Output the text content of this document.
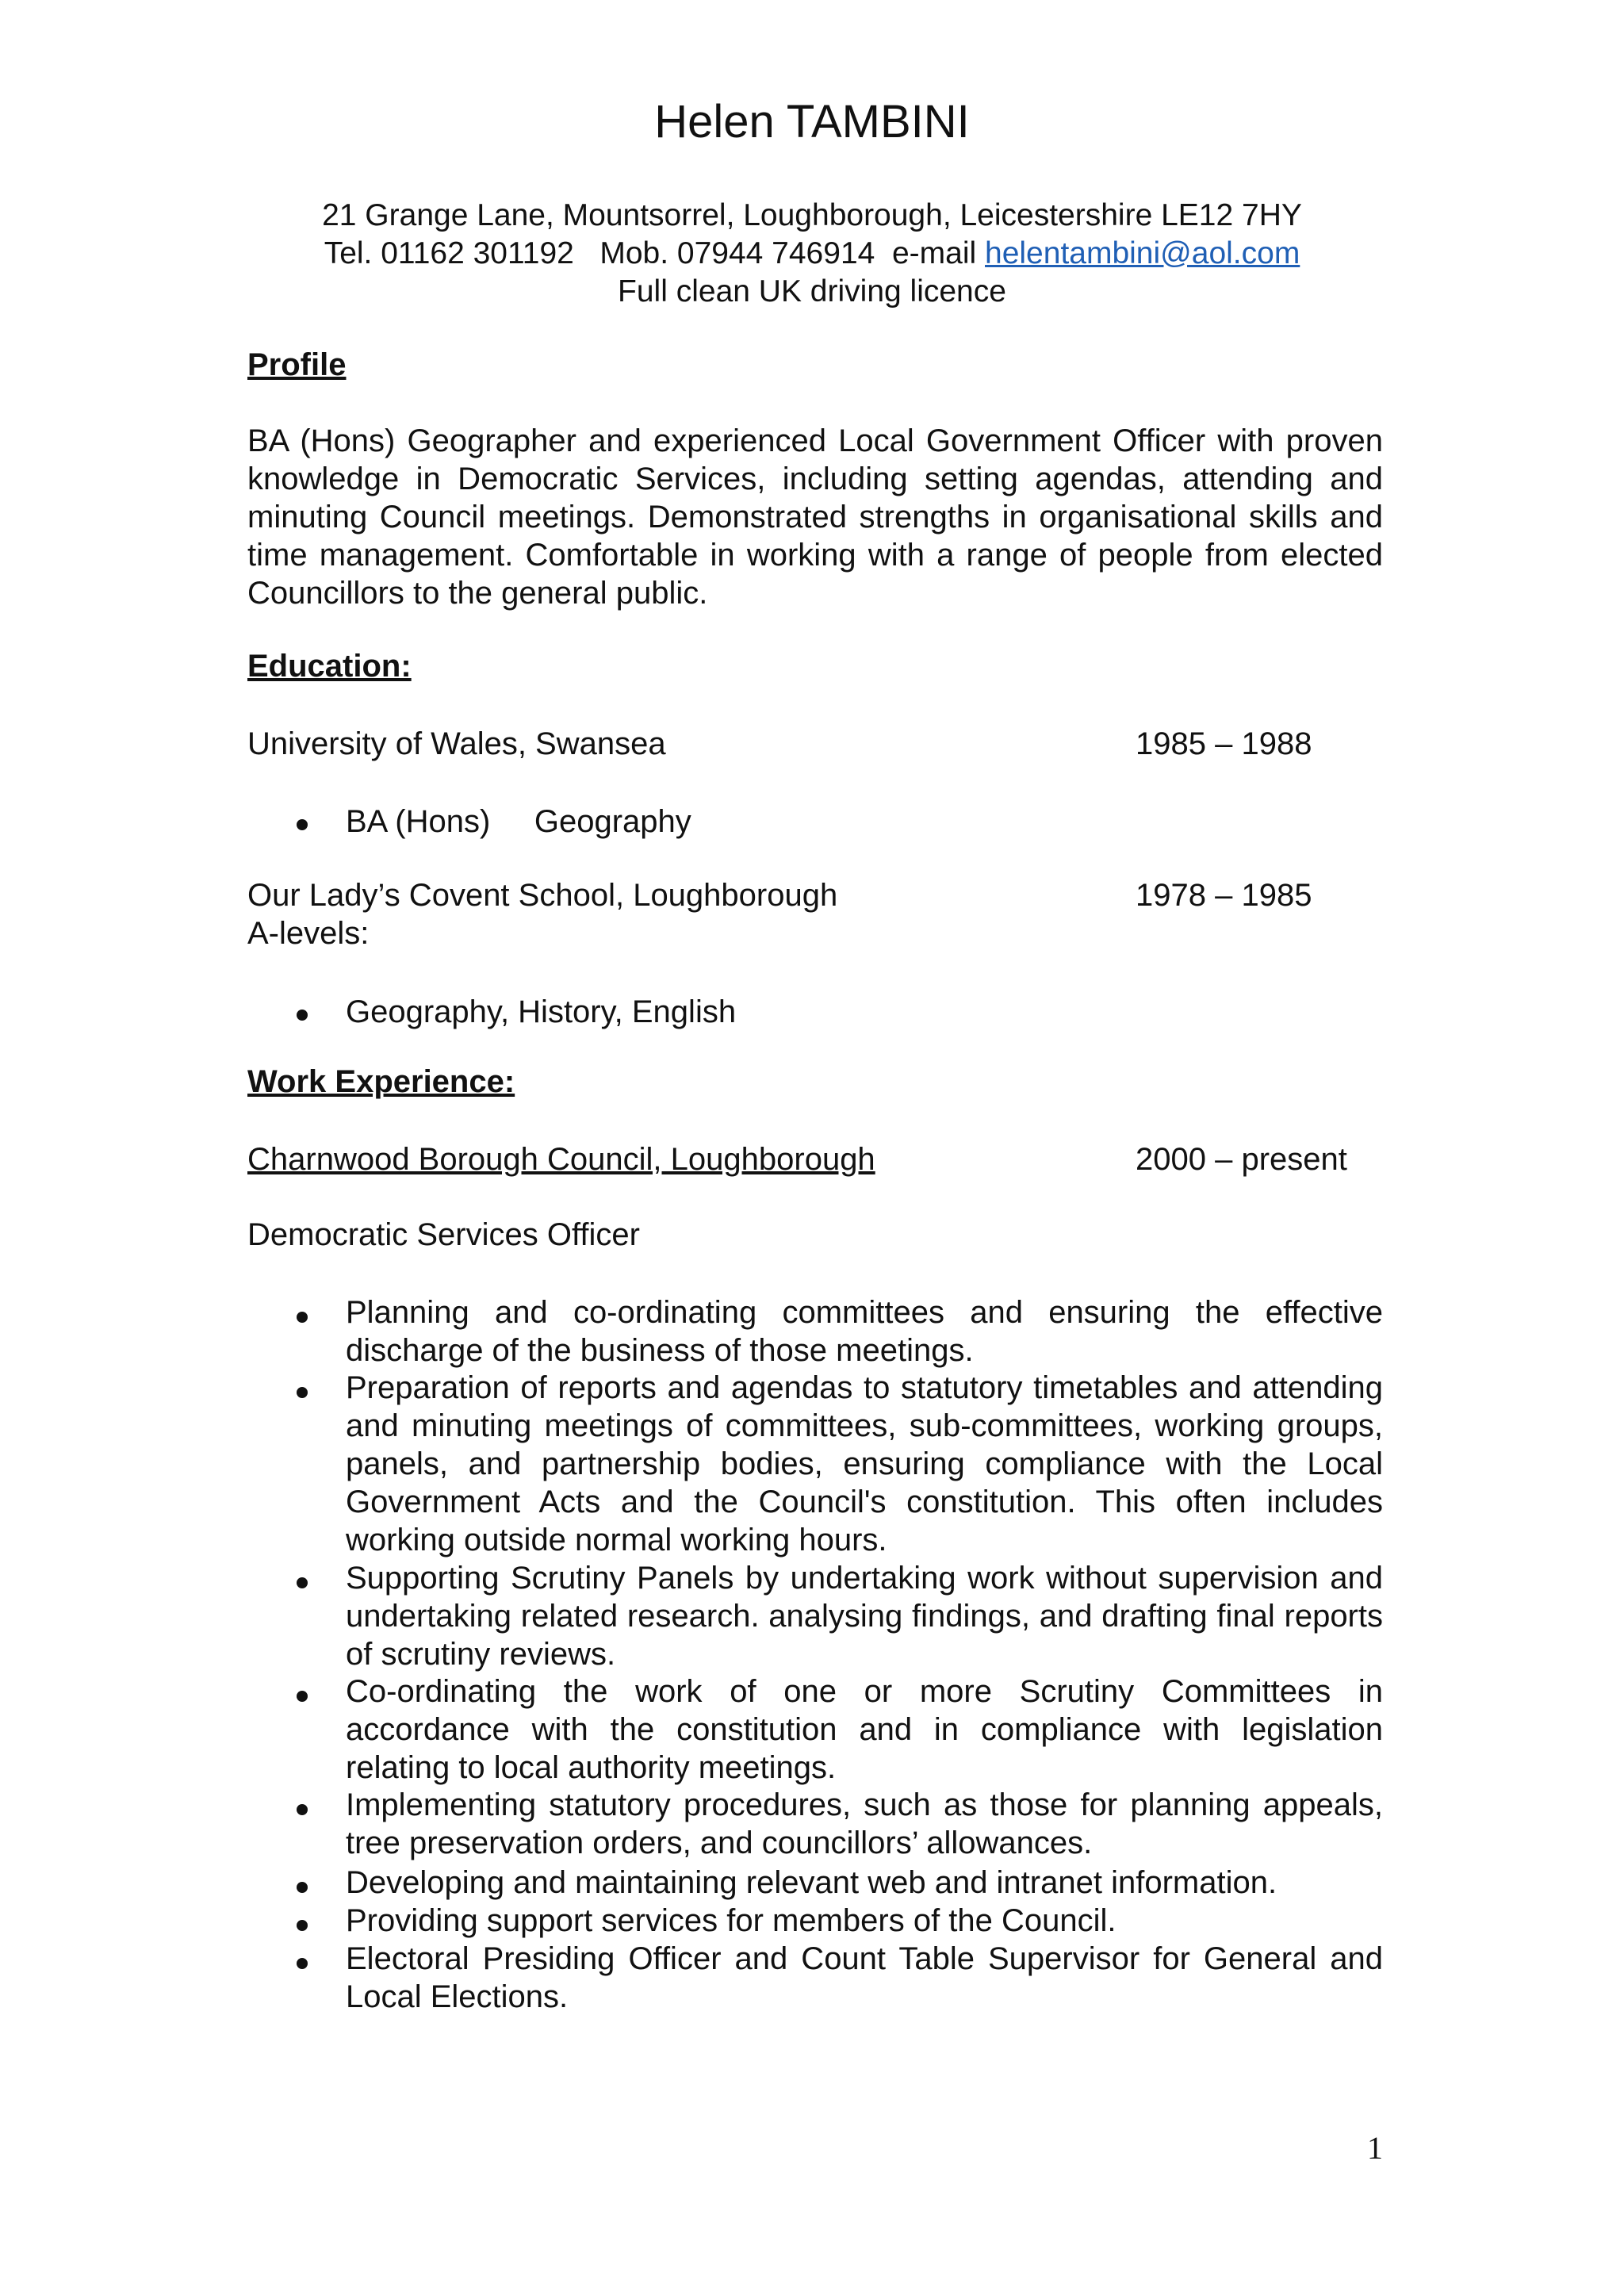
Helen TAMBINI
21 Grange Lane, Mountsorrel, Loughborough, Leicestershire LE12 7HY
Tel. 01162 301192   Mob. 07944 746914  e-mail helentambini@aol.com
Full clean UK driving licence
Profile
BA (Hons) Geographer and experienced Local Government Officer with proven knowledge in Democratic Services, including setting agendas, attending and minuting Council meetings. Demonstrated strengths in organisational skills and time management. Comfortable in working with a range of people from elected Councillors to the general public.
Education:
University of Wales, Swansea	1985 – 1988
BA (Hons)     Geography
Our Lady’s Covent School, Loughborough	1978 – 1985
A-levels:
Geography, History, English
Work Experience:
Charnwood Borough Council, Loughborough	2000 – present
Democratic Services Officer
Planning and co-ordinating committees and ensuring the effective discharge of the business of those meetings.
Preparation of reports and agendas to statutory timetables and attending and minuting meetings of committees, sub-committees, working groups, panels, and partnership bodies, ensuring compliance with the Local Government Acts and the Council's constitution. This often includes working outside normal working hours.
Supporting Scrutiny Panels by undertaking work without supervision and undertaking related research. analysing findings, and drafting final reports of scrutiny reviews.
Co-ordinating the work of one or more Scrutiny Committees in accordance with the constitution and in compliance with legislation relating to local authority meetings.
Implementing statutory procedures, such as those for planning appeals, tree preservation orders, and councillors’ allowances.
Developing and maintaining relevant web and intranet information.
Providing support services for members of the Council.
Electoral Presiding Officer and Count Table Supervisor for General and Local Elections.
1
